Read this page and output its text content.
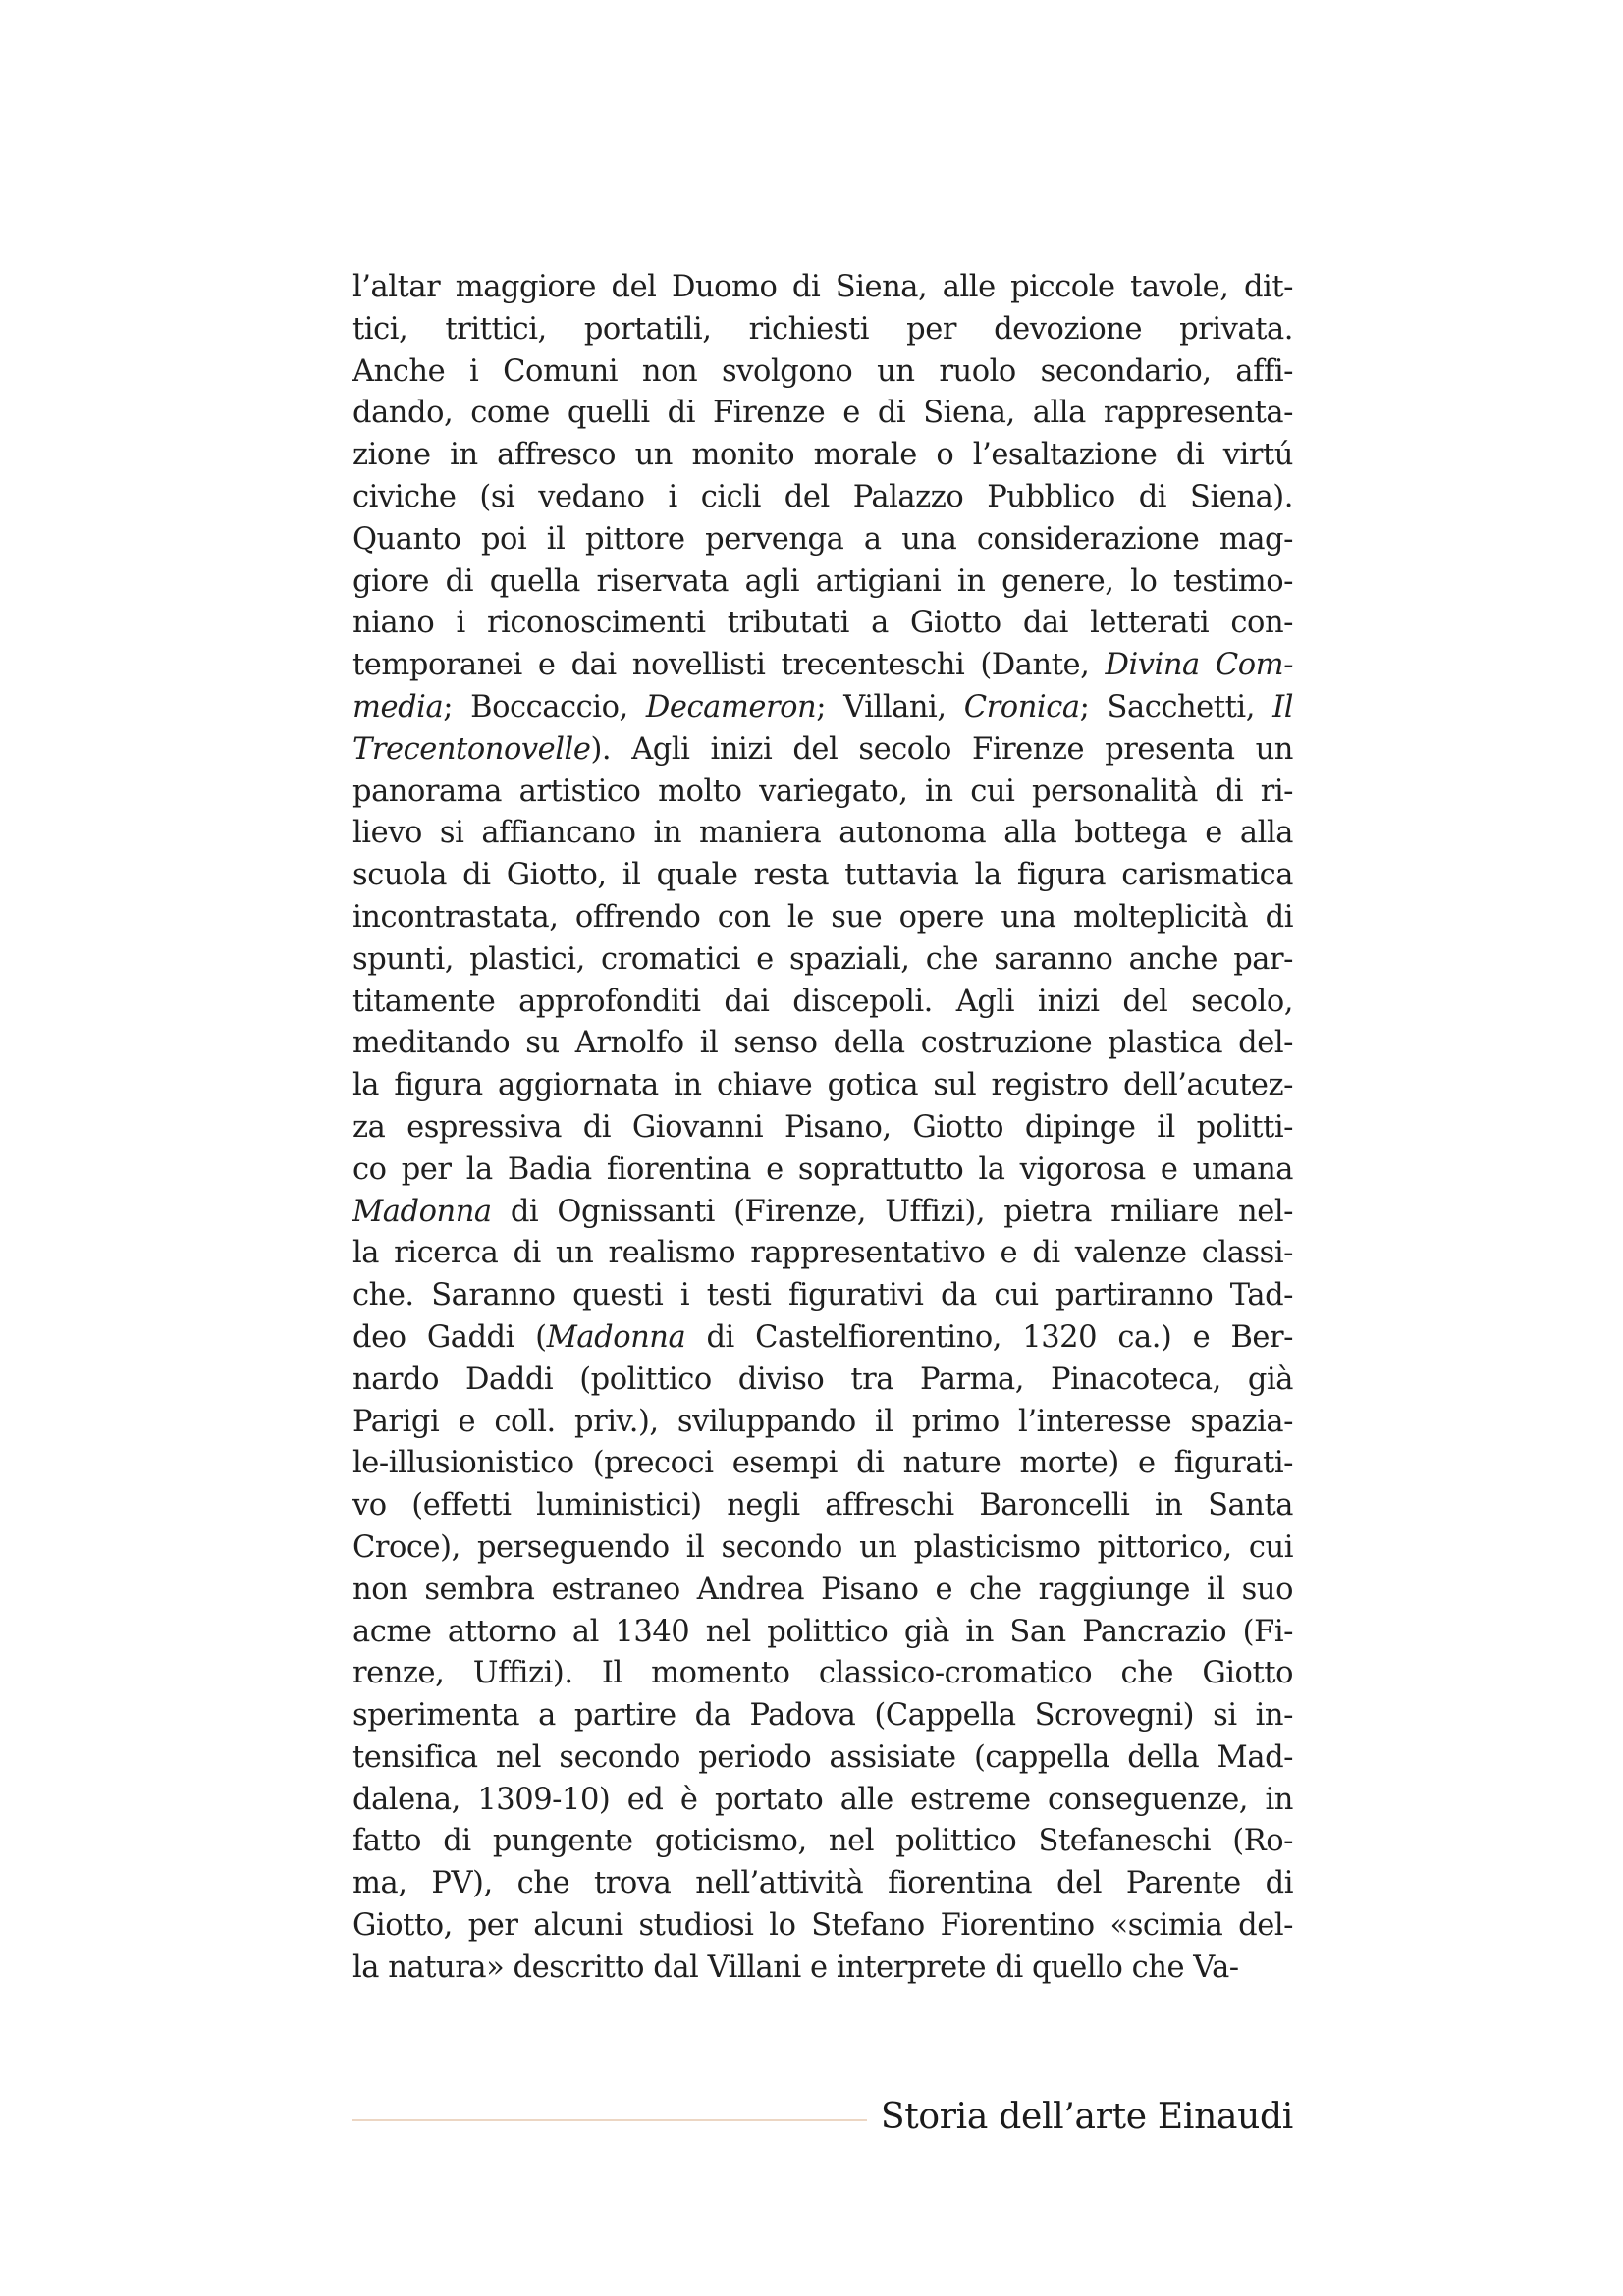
l’altar maggiore del Duomo di Siena, alle piccole tavole, dit-
tici, trittici, portatili, richiesti per devozione privata.
Anche i Comuni non svolgono un ruolo secondario, affi-
dando, come quelli di Firenze e di Siena, alla rappresenta-
zione in affresco un monito morale o l’esaltazione di virtú
civiche (si vedano i cicli del Palazzo Pubblico di Siena).
Quanto poi il pittore pervenga a una considerazione mag-
giore di quella riservata agli artigiani in genere, lo testimo-
niano i riconoscimenti tributati a Giotto dai letterati con-
temporanei e dai novellisti trecenteschi (Dante, Divina Com-
media; Boccaccio, Decameron; Villani, Cronica; Sacchetti, Il
Trecentonovelle). Agli inizi del secolo Firenze presenta un
panorama artistico molto variegato, in cui personalità di ri-
lievo si affiancano in maniera autonoma alla bottega e alla
scuola di Giotto, il quale resta tuttavia la figura carismatica
incontrastata, offrendo con le sue opere una molteplicità di
spunti, plastici, cromatici e spaziali, che saranno anche par-
titamente approfonditi dai discepoli. Agli inizi del secolo,
meditando su Arnolfo il senso della costruzione plastica del-
la figura aggiornata in chiave gotica sul registro dell’acutez-
za espressiva di Giovanni Pisano, Giotto dipinge il politti-
co per la Badia fiorentina e soprattutto la vigorosa e umana
Madonna di Ognissanti (Firenze, Uffizi), pietra rniliare nel-
la ricerca di un realismo rappresentativo e di valenze classi-
che. Saranno questi i testi figurativi da cui partiranno Tad-
deo Gaddi (Madonna di Castelfiorentino, 1320 ca.) e Ber-
nardo Daddi (polittico diviso tra Parma, Pinacoteca, già
Parigi e coll. priv.), sviluppando il primo l’interesse spazia-
le-illusionistico (precoci esempi di nature morte) e figurati-
vo (effetti luministici) negli affreschi Baroncelli in Santa
Croce), perseguendo il secondo un plasticismo pittorico, cui
non sembra estraneo Andrea Pisano e che raggiunge il suo
acme attorno al 1340 nel polittico già in San Pancrazio (Fi-
renze, Uffizi). Il momento classico-cromatico che Giotto
sperimenta a partire da Padova (Cappella Scrovegni) si in-
tensifica nel secondo periodo assisiate (cappella della Mad-
dalena, 1309-10) ed è portato alle estreme conseguenze, in
fatto di pungente goticismo, nel polittico Stefaneschi (Ro-
ma, PV), che trova nell’attività fiorentina del Parente di
Giotto, per alcuni studiosi lo Stefano Fiorentino «scimia del-
la natura» descritto dal Villani e interprete di quello che Va-
Storia dell’arte Einaudi
